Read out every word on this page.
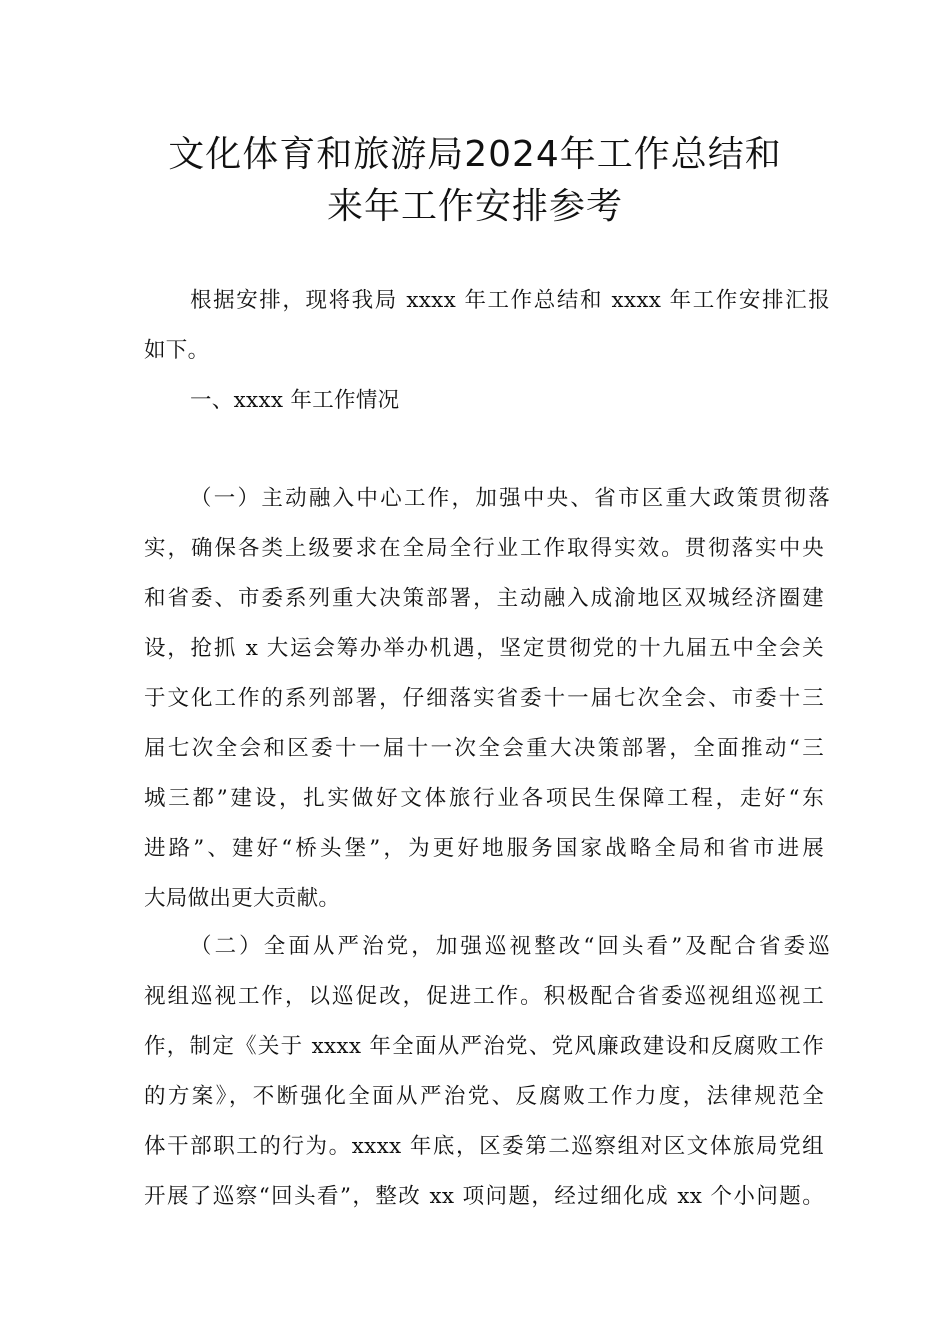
文化体育和旅游局2024年工作总结和
来年工作安排参考
根据安排，现将我局 xxxx 年工作总结和 xxxx 年工作安排汇报
如下。
一、xxxx 年工作情况
（一）主动融入中心工作，加强中央、省市区重大政策贯彻落
实，确保各类上级要求在全局全行业工作取得实效。贯彻落实中央
和省委、市委系列重大决策部署，主动融入成渝地区双城经济圈建
设，抢抓 x 大运会筹办举办机遇，坚定贯彻党的十九届五中全会关
于文化工作的系列部署，仔细落实省委十一届七次全会、市委十三
届七次全会和区委十一届十一次全会重大决策部署，全面推动“三
城三都”建设，扎实做好文体旅行业各项民生保障工程，走好“东
进路”、建好“桥头堡”，为更好地服务国家战略全局和省市进展
大局做出更大贡献。
（二）全面从严治党，加强巡视整改“回头看”及配合省委巡
视组巡视工作，以巡促改，促进工作。积极配合省委巡视组巡视工
作，制定《关于 xxxx 年全面从严治党、党风廉政建设和反腐败工作
的方案》，不断强化全面从严治党、反腐败工作力度，法律规范全
体干部职工的行为。xxxx 年底，区委第二巡察组对区文体旅局党组
开展了巡察“回头看”，整改 xx 项问题，经过细化成 xx 个小问题。
